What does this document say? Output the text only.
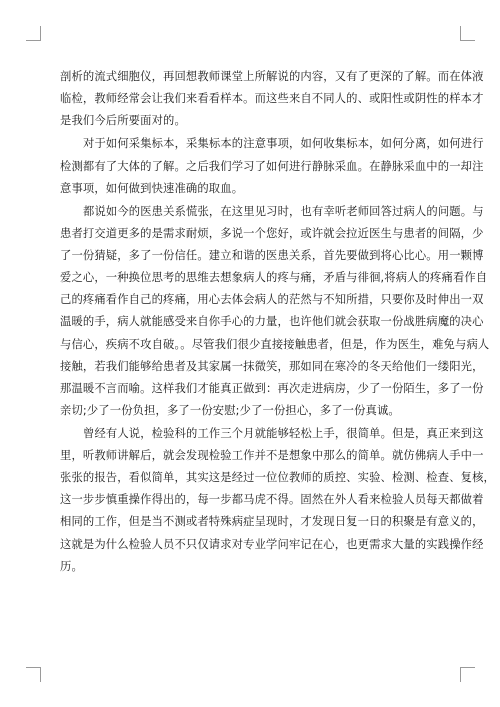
剖析的流式细胞仪，再回想教师课堂上所解说的内容，又有了更深的了解。而在体液
临检，教师经常会让我们来看看样本。而这些来自不同人的、或阳性或阴性的样本才
是我们今后所要面对的。
对于如何采集标本，采集标本的注意事项，如何收集标本，如何分离，如何进行
检测都有了大体的了解。之后我们学习了如何进行静脉采血。在静脉采血中的一却注
意事项，如何做到快速准确的取血。
都说如今的医患关系慌张，在这里见习时，也有幸听老师回答过病人的问题。与
患者打交道更多的是需求耐烦，多说一个您好，或许就会拉近医生与患者的间隔，少
了一份猜疑，多了一份信任。建立和谐的医患关系，首先要做到将心比心。用一颗博
爱之心，一种换位思考的思维去想象病人的疼与痛，矛盾与徘徊,将病人的疼痛看作自
己的疼痛看作自己的疼痛，用心去体会病人的茫然与不知所措，只要你及时伸出一双
温暖的手，病人就能感受来自你手心的力量，也许他们就会获取一份战胜病魔的决心
与信心，疾病不攻自破。。尽管我们很少直接接触患者，但是，作为医生，难免与病人
接触，若我们能够给患者及其家属一抹微笑，那如同在寒冷的冬天给他们一缕阳光，
那温暖不言而喻。这样我们才能真正做到：再次走进病房，少了一份陌生，多了一份
亲切;少了一份负担，多了一份安慰;少了一份担心，多了一份真诚。
曾经有人说，检验科的工作三个月就能够轻松上手，很简单。但是，真正来到这
里，听教师讲解后，就会发现检验工作并不是想象中那么的简单。就仿佛病人手中一
张张的报告，看似简单，其实这是经过一位位教师的质控、实验、检测、检查、复核，
这一步步慎重操作得出的，每一步都马虎不得。固然在外人看来检验人员每天都做着
相同的工作，但是当不测或者特殊病症呈现时，才发现日复一日的积聚是有意义的，
这就是为什么检验人员不只仅请求对专业学问牢记在心，也更需求大量的实践操作经
历。
